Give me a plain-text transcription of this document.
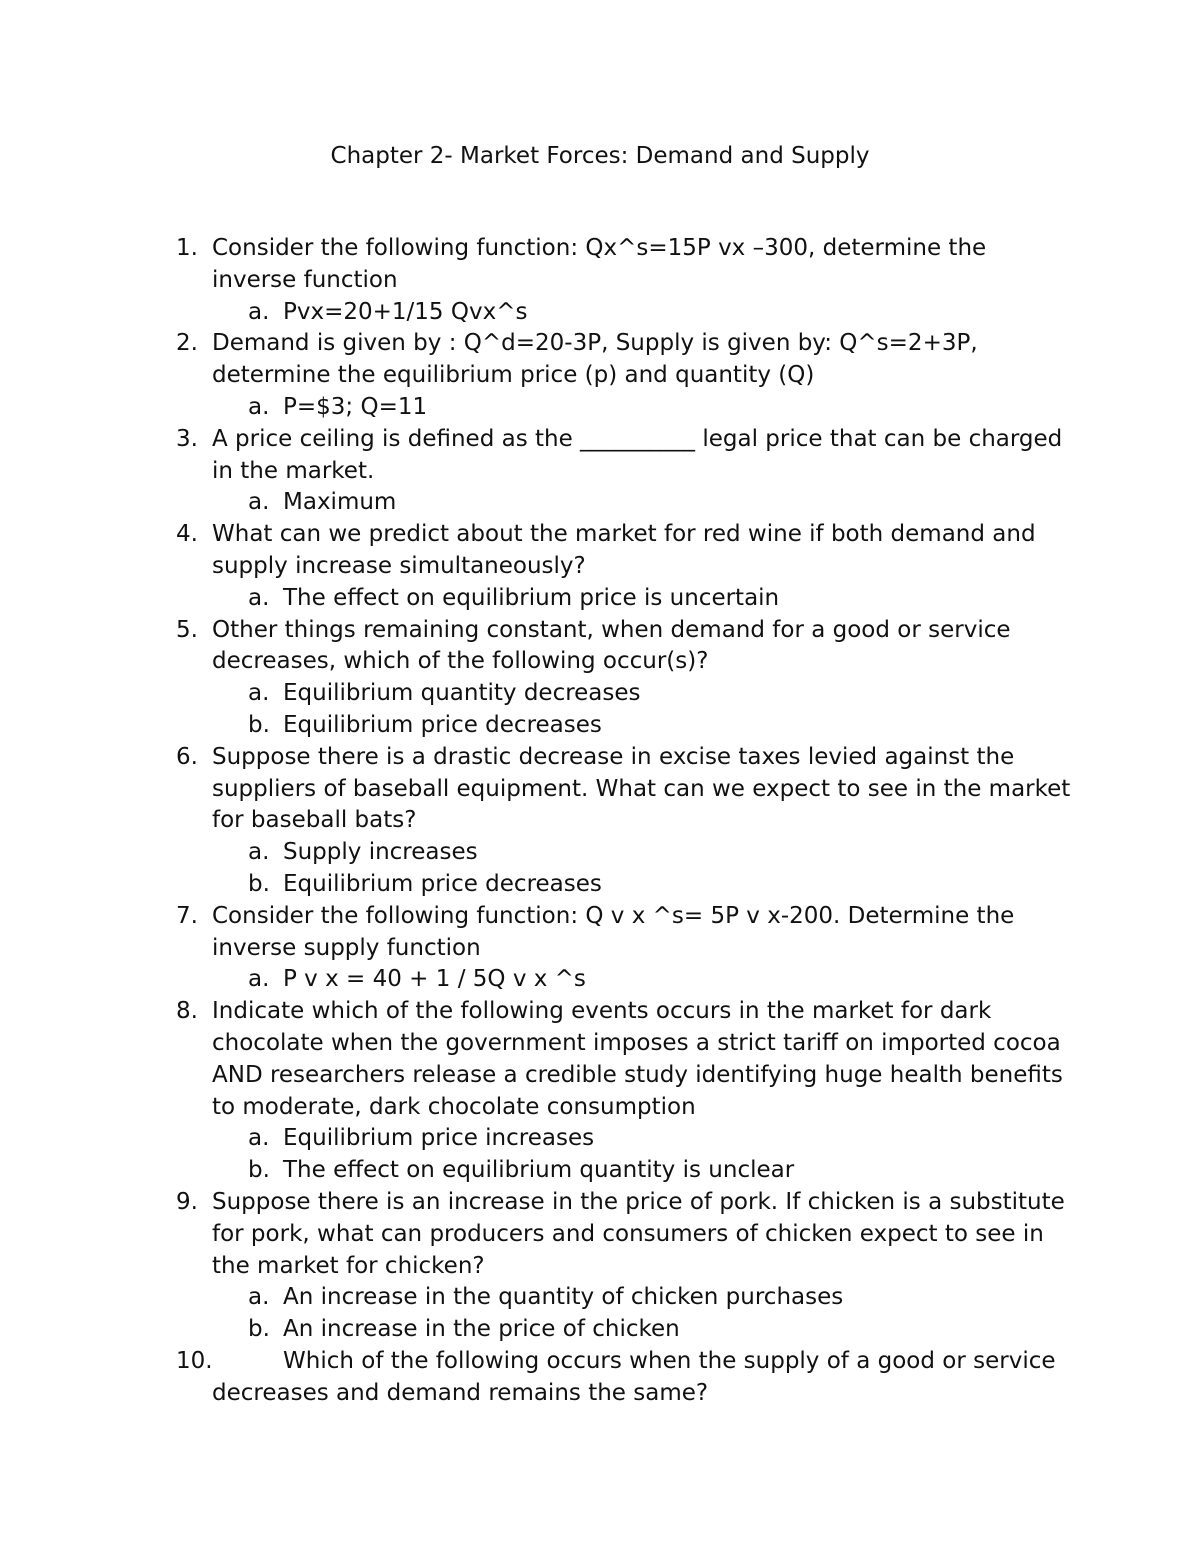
Chapter 2- Market Forces: Demand and Supply
1. Consider the following function: Qx^s=15P vx –300, determine the inverse function
a. Pvx=20+1/15 Qvx^s
2. Demand is given by : Q^d=20-3P, Supply is given by: Q^s=2+3P, determine the equilibrium price (p) and quantity (Q)
a. P=$3; Q=11
3. A price ceiling is defined as the __________ legal price that can be charged in the market.
a. Maximum
4. What can we predict about the market for red wine if both demand and supply increase simultaneously?
a. The effect on equilibrium price is uncertain
5. Other things remaining constant, when demand for a good or service decreases, which of the following occur(s)?
a. Equilibrium quantity decreases
b. Equilibrium price decreases
6. Suppose there is a drastic decrease in excise taxes levied against the suppliers of baseball equipment. What can we expect to see in the market for baseball bats?
a. Supply increases
b. Equilibrium price decreases
7. Consider the following function: Q v x ^s= 5P v x-200. Determine the inverse supply function
a. P v x = 40 + 1 / 5Q v x ^s
8. Indicate which of the following events occurs in the market for dark chocolate when the government imposes a strict tariff on imported cocoa AND researchers release a credible study identifying huge health benefits to moderate, dark chocolate consumption
a. Equilibrium price increases
b. The effect on equilibrium quantity is unclear
9. Suppose there is an increase in the price of pork. If chicken is a substitute for pork, what can producers and consumers of chicken expect to see in the market for chicken?
a. An increase in the quantity of chicken purchases
b. An increase in the price of chicken
10.	Which of the following occurs when the supply of a good or service decreases and demand remains the same?
